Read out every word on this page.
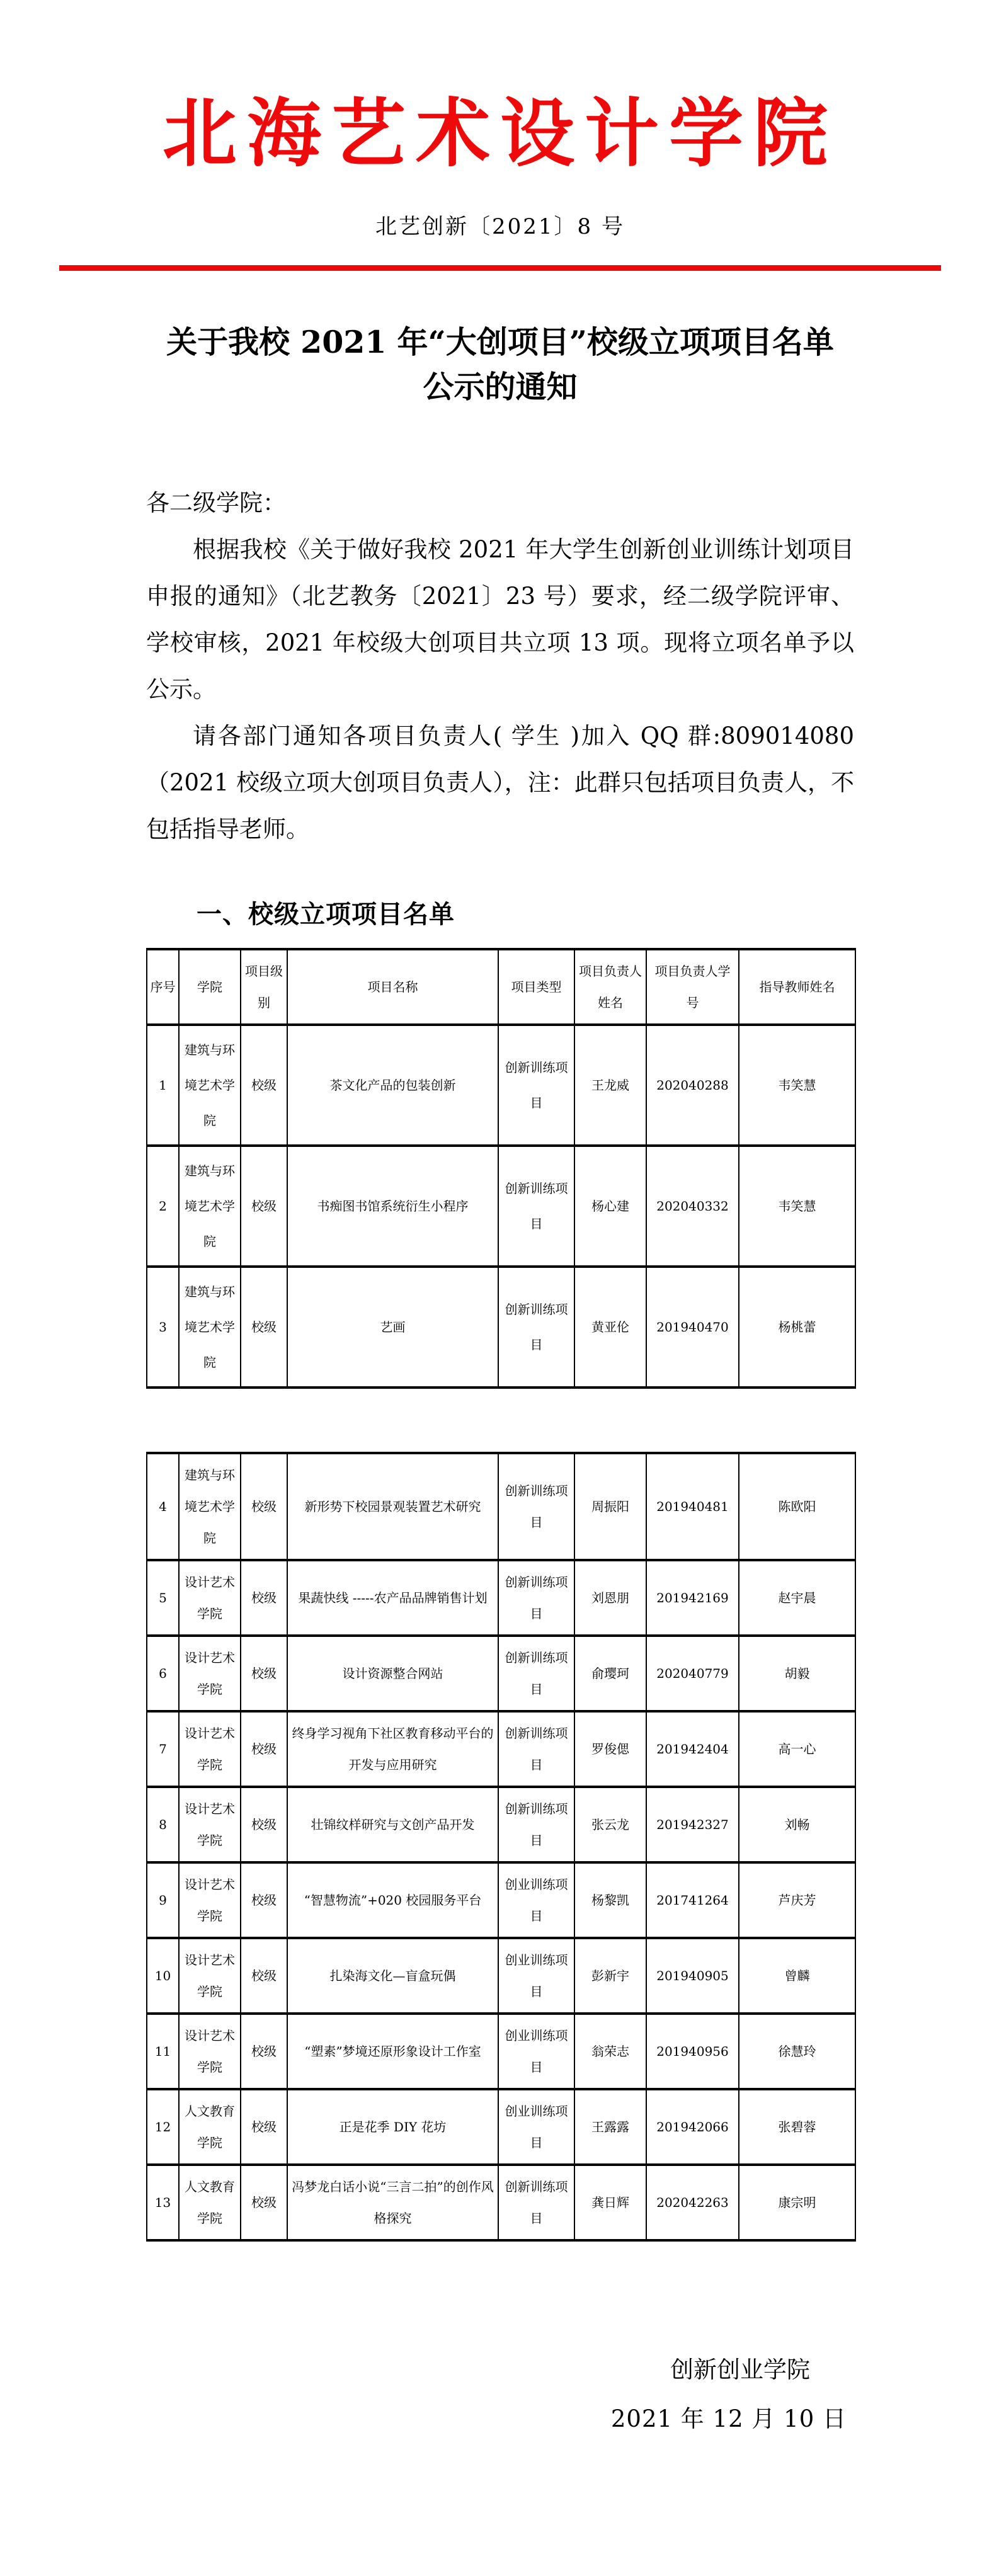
北海艺术设计学院
北艺创新〔2021〕8 号
关于我校 2021 年“大创项目”校级立项项目名单公示的通知

各二级学院：

根据我校《关于做好我校 2021 年大学生创新创业训练计划项目申报的通知》（北艺教务〔2021〕23 号）要求，经二级学院评审、学校审核，2021 年校级大创项目共立项 13 项。现将立项名单予以公示。

请各部门通知各项目负责人( 学生 )加入 QQ 群:809014080（2021 校级立项大创项目负责人），注：此群只包括项目负责人，不包括指导老师。

一、校级立项项目名单
序号	学院	项目级别	项目名称	项目类型	项目负责人姓名	项目负责人学号	指导教师姓名
1	建筑与环境艺术学院	校级	茶文化产品的包装创新	创新训练项目	王龙威	202040288	韦笑慧
2	建筑与环境艺术学院	校级	书痴图书馆系统衍生小程序	创新训练项目	杨心建	202040332	韦笑慧
3	建筑与环境艺术学院	校级	艺画	创新训练项目	黄亚伦	201940470	杨桃蕾
4	建筑与环境艺术学院	校级	新形势下校园景观装置艺术研究	创新训练项目	周振阳	201940481	陈欧阳
5	设计艺术学院	校级	果蔬快线 -----农产品品牌销售计划	创新训练项目	刘恩朋	201942169	赵宇晨
6	设计艺术学院	校级	设计资源整合网站	创新训练项目	俞璎珂	202040779	胡毅
7	设计艺术学院	校级	终身学习视角下社区教育移动平台的开发与应用研究	创新训练项目	罗俊偲	201942404	高一心
8	设计艺术学院	校级	壮锦纹样研究与文创产品开发	创新训练项目	张云龙	201942327	刘畅
9	设计艺术学院	校级	“智慧物流”+020 校园服务平台	创业训练项目	杨黎凯	201741264	芦庆芳
10	设计艺术学院	校级	扎染海文化—盲盒玩偶	创业训练项目	彭新宇	201940905	曾麟
11	设计艺术学院	校级	“塑素”梦境还原形象设计工作室	创业训练项目	翁荣志	201940956	徐慧玲
12	人文教育学院	校级	正是花季 DIY 花坊	创业训练项目	王露露	201942066	张碧蓉
13	人文教育学院	校级	冯梦龙白话小说“三言二拍”的创作风格探究	创新训练项目	龚日辉	202042263	康宗明
创新创业学院
2021 年 12 月 10 日
